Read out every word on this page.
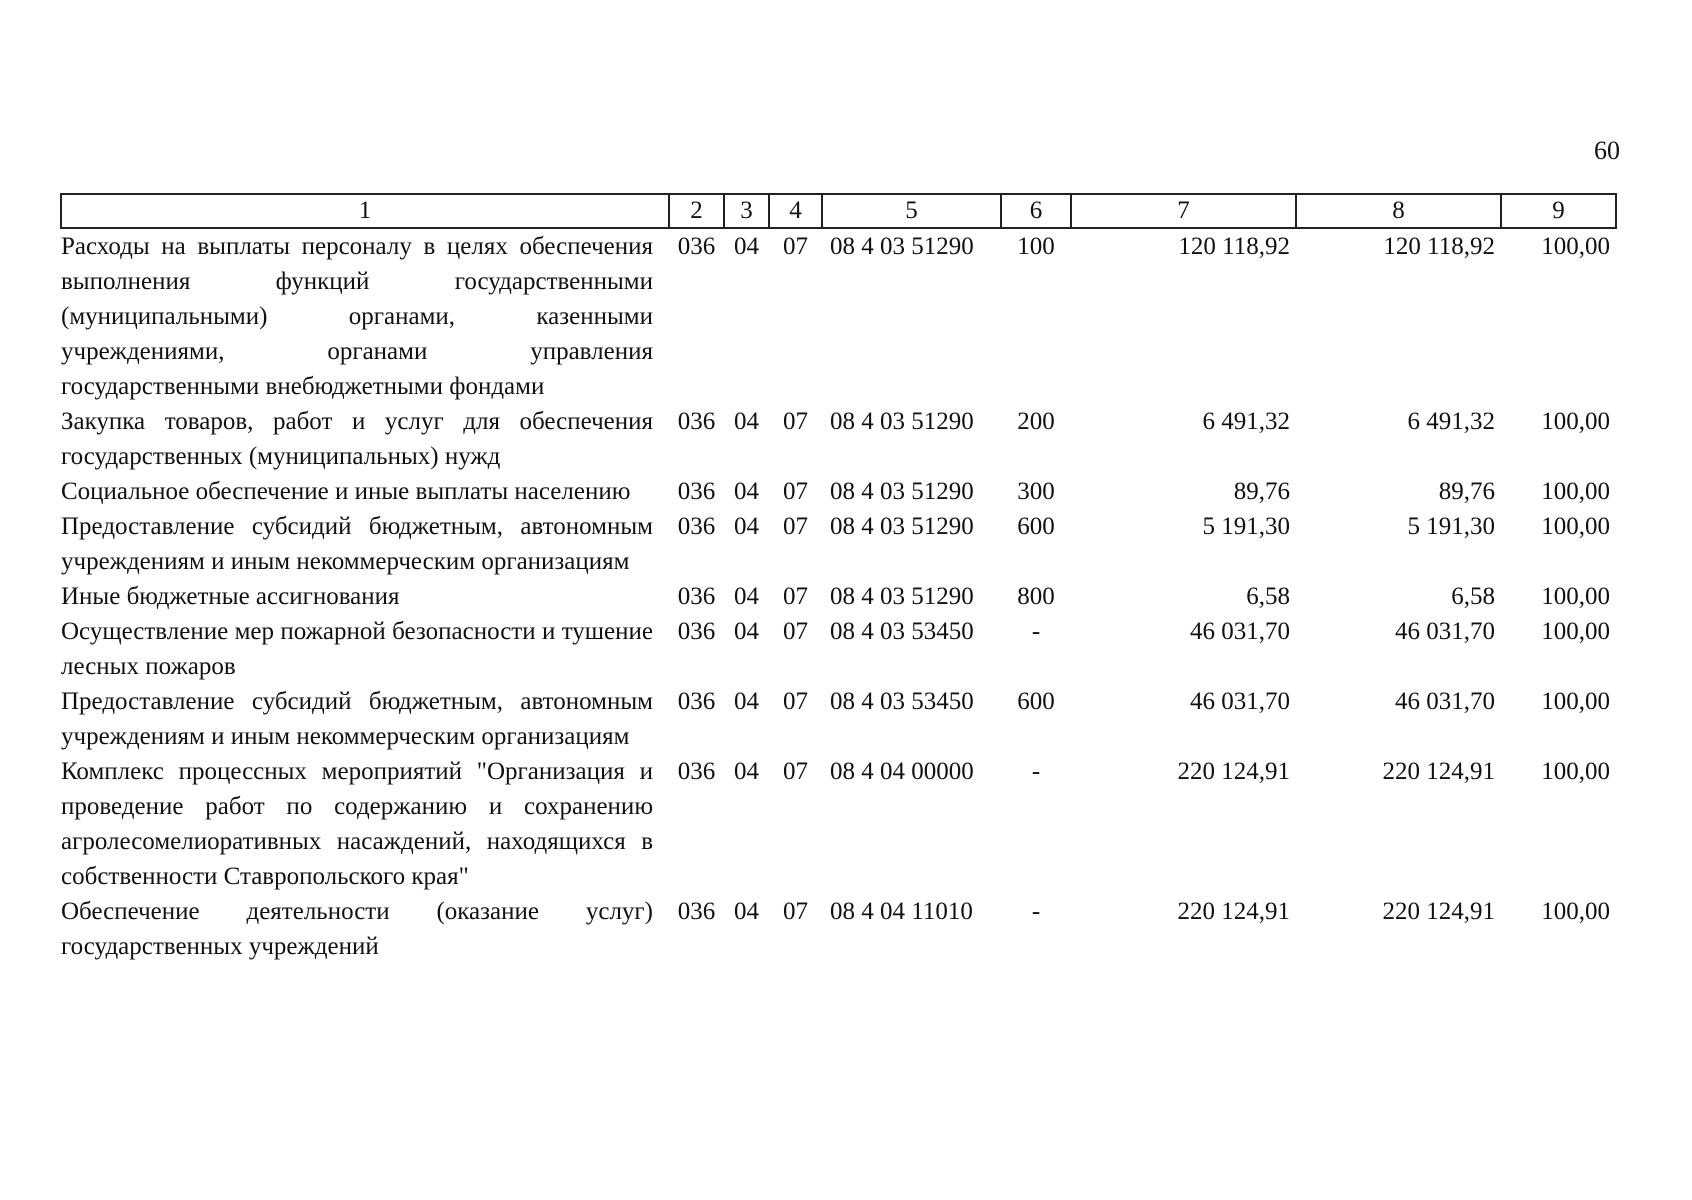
60
1	2	3	4	5	6	7	8	9
Расходы на выплаты персоналу в целях обеспечения выполнения функций государственными (муниципальными) органами, казенными учреждениями, органами управления государственными внебюджетными фондами	036	04	07	08 4 03 51290	100	120 118,92	120 118,92	100,00
Закупка товаров, работ и услуг для обеспечения государственных (муниципальных) нужд	036	04	07	08 4 03 51290	200	6 491,32	6 491,32	100,00
Социальное обеспечение и иные выплаты населению	036	04	07	08 4 03 51290	300	89,76	89,76	100,00
Предоставление субсидий бюджетным, автономным учреждениям и иным некоммерческим организациям	036	04	07	08 4 03 51290	600	5 191,30	5 191,30	100,00
Иные бюджетные ассигнования	036	04	07	08 4 03 51290	800	6,58	6,58	100,00
Осуществление мер пожарной безопасности и тушение лесных пожаров	036	04	07	08 4 03 53450	-	46 031,70	46 031,70	100,00
Предоставление субсидий бюджетным, автономным учреждениям и иным некоммерческим организациям	036	04	07	08 4 03 53450	600	46 031,70	46 031,70	100,00
Комплекс процессных мероприятий "Организация и проведение работ по содержанию и сохранению агролесомелиоративных насаждений, находящихся в собственности Ставропольского края"	036	04	07	08 4 04 00000	-	220 124,91	220 124,91	100,00
Обеспечение деятельности (оказание услуг) государственных учреждений	036	04	07	08 4 04 11010	-	220 124,91	220 124,91	100,00
